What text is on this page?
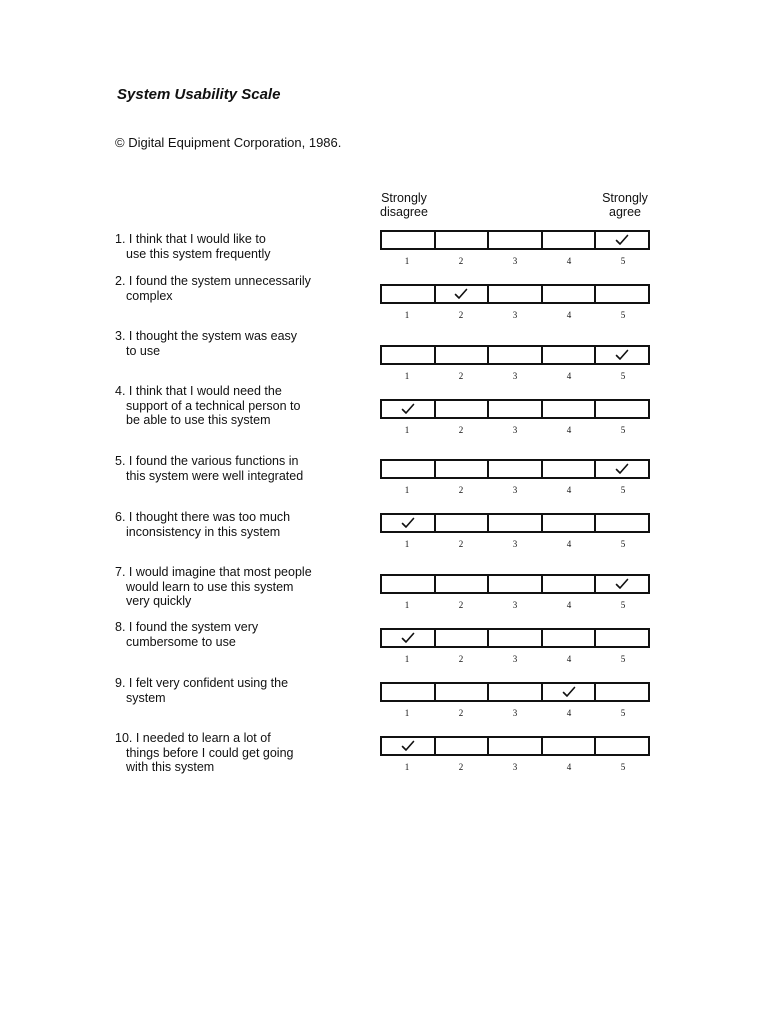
System Usability Scale
© Digital Equipment Corporation, 1986.
Strongly
disagree
Strongly
agree
1. I think that I would like to
use this system frequently
1	2	3	4	5
2. I found the system unnecessarily
complex
1	2	3	4	5
3. I thought the system was easy
to use
1	2	3	4	5
4. I think that I would need the
support of a technical person to
be able to use this system
1	2	3	4	5
5. I found the various functions in
this system were well integrated
1	2	3	4	5
6. I thought there was too much
inconsistency in this system
1	2	3	4	5
7. I would imagine that most people
would learn to use this system
very quickly	1	2	3	4	5
8. I found the system very
cumbersome to use
1	2	3	4	5
9. I felt very confident using the
system
1	2	3	4	5
10. I needed to learn a lot of
things before I could get going
with this system	1	2	3	4	5
